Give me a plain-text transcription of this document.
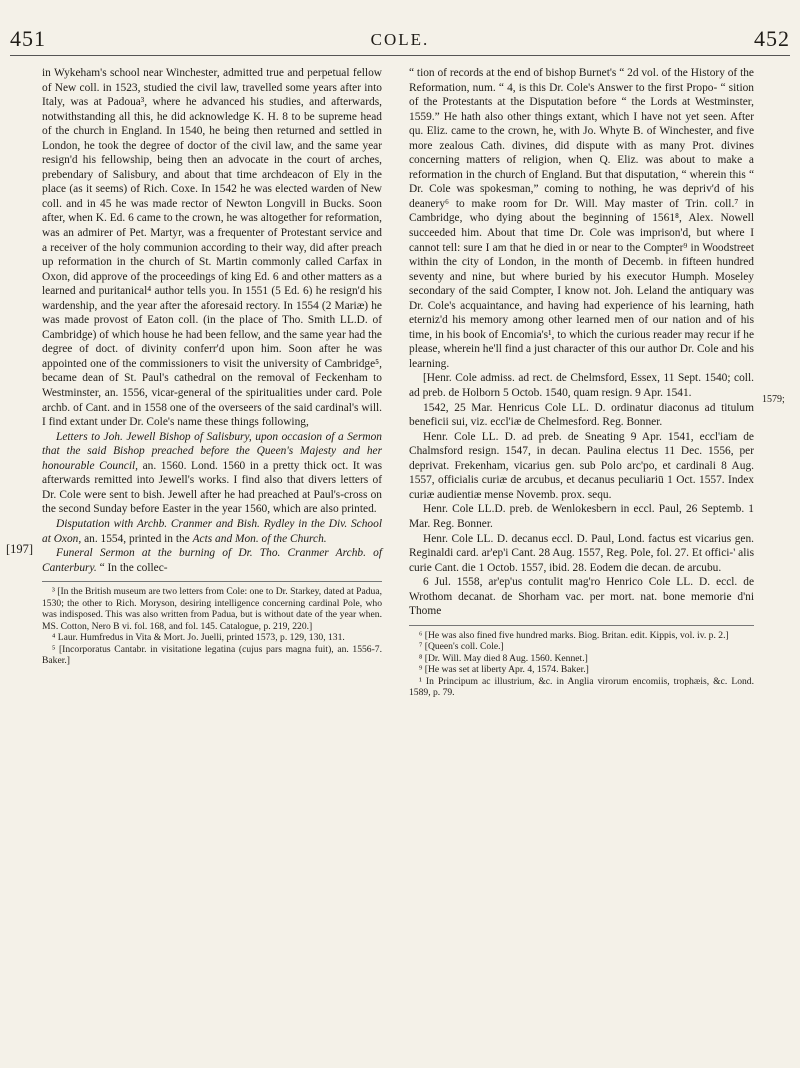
451	COLE.	452
[197]
1579;

in Wykeham's school near Winchester, admitted true and perpetual fellow of New coll. in 1523, studied the civil law, travelled some years after into Italy, was at Padoua³, where he advanced his studies, and afterwards, notwithstanding all this, he did acknowledge K. H. 8 to be supreme head of the church in England. In 1540, he being then returned and settled in London, he took the degree of doctor of the civil law, and the same year resign'd his fellowship, being then an advocate in the court of arches, prebendary of Salisbury, and about that time archdeacon of Ely in the place (as it seems) of Rich. Coxe. In 1542 he was elected warden of New coll. and in 45 he was made rector of Newton Longvill in Bucks. Soon after, when K. Ed. 6 came to the crown, he was altogether for reformation, was an admirer of Pet. Martyr, was a frequenter of Protestant service and a receiver of the holy communion according to their way, did after preach up reformation in the church of St. Martin commonly called Carfax in Oxon, did approve of the proceedings of king Ed. 6 and other matters as a learned and puritanical⁴ author tells you. In 1551 (5 Ed. 6) he resign'd his wardenship, and the year after the aforesaid rectory. In 1554 (2 Mariæ) he was made provost of Eaton coll. (in the place of Tho. Smith LL.D. of Cambridge) of which house he had been fellow, and the same year had the degree of doct. of divinity conferr'd upon him. Soon after he was appointed one of the commissioners to visit the university of Cambridge⁵, became dean of St. Paul's cathedral on the removal of Feckenham to Westminster, an. 1556, vicar-general of the spiritualities under card. Pole archb. of Cant. and in 1558 one of the overseers of the said cardinal's will. I find extant under Dr. Cole's name these things following,

Letters to Joh. Jewell Bishop of Salisbury, upon occasion of a Sermon that the said Bishop preached before the Queen's Majesty and her honourable Council, an. 1560. Lond. 1560 in a pretty thick oct. It was afterwards remitted into Jewell's works. I find also that divers letters of Dr. Cole were sent to bish. Jewell after he had preached at Paul's-cross on the second Sunday before Easter in the year 1560, which are also printed.

Disputation with Archb. Cranmer and Bish. Rydley in the Div. School at Oxon, an. 1554, printed in the Acts and Mon. of the Church.

Funeral Sermon at the burning of Dr. Tho. Cranmer Archb. of Canterbury. “ In the collec-

³ [In the British museum are two letters from Cole: one to Dr. Starkey, dated at Padua, 1530; the other to Rich. Moryson, desiring intelligence concerning cardinal Pole, who was indisposed. This was also written from Padua, but is without date of the year when. MS. Cotton, Nero B vi. fol. 168, and fol. 145. Catalogue, p. 219, 220.]

⁴ Laur. Humfredus in Vita & Mort. Jo. Juelli, printed 1573, p. 129, 130, 131.

⁵ [Incorporatus Cantabr. in visitatione legatina (cujus pars magna fuit), an. 1556-7. Baker.]

“ tion of records at the end of bishop Burnet's “ 2d vol. of the History of the Reformation, num. “ 4, is this Dr. Cole's Answer to the first Propo- “ sition of the Protestants at the Disputation before “ the Lords at Westminster, 1559.” He hath also other things extant, which I have not yet seen. After qu. Eliz. came to the crown, he, with Jo. Whyte B. of Winchester, and five more zealous Cath. divines, did dispute with as many Prot. divines concerning matters of religion, when Q. Eliz. was about to make a reformation in the church of England. But that disputation, “ wherein this “ Dr. Cole was spokesman,” coming to nothing, he was depriv'd of his deanery⁶ to make room for Dr. Will. May master of Trin. coll.⁷ in Cambridge, who dying about the beginning of 1561⁸, Alex. Nowell succeeded him. About that time Dr. Cole was imprison'd, but where I cannot tell: sure I am that he died in or near to the Compter⁹ in Woodstreet within the city of London, in the month of Decemb. in fifteen hundred seventy and nine, but where buried by his executor Humph. Moseley secondary of the said Compter, I know not. Joh. Leland the antiquary was Dr. Cole's acquaintance, and having had experience of his learning, hath eterniz'd his memory among other learned men of our nation and of his time, in his book of Encomia's¹, to which the curious reader may recur if he please, wherein he'll find a just character of this our author Dr. Cole and his learning.

[Henr. Cole admiss. ad rect. de Chelmsford, Essex, 11 Sept. 1540; coll. ad preb. de Holborn 5 Octob. 1540, quam resign. 9 Apr. 1541.

1542, 25 Mar. Henricus Cole LL. D. ordinatur diaconus ad titulum beneficii sui, viz. eccl'iæ de Chelmesford. Reg. Bonner.

Henr. Cole LL. D. ad preb. de Sneating 9 Apr. 1541, eccl'iam de Chalmsford resign. 1547, in decan. Paulina electus 11 Dec. 1556, per deprivat. Frekenham, vicarius gen. sub Polo arc'po, et cardinali 8 Aug. 1557, officialis curiæ de arcubus, et decanus peculiariū 1 Oct. 1557. Index curiæ audientiæ mense Novemb. prox. sequ.

Henr. Cole LL.D. preb. de Wenlokesbern in eccl. Paul, 26 Septemb. 1 Mar. Reg. Bonner.

Henr. Cole LL. D. decanus eccl. D. Paul, Lond. factus est vicarius gen. Reginaldi card. ar'ep'i Cant. 28 Aug. 1557, Reg. Pole, fol. 27. Et offici-' alis curie Cant. die 1 Octob. 1557, ibid. 28. Eodem die decan. de arcubu.

6 Jul. 1558, ar'ep'us contulit mag'ro Henrico Cole LL. D. eccl. de Wrothom decanat. de Shorham vac. per mort. nat. bone memorie d'ni Thome

⁶ [He was also fined five hundred marks. Biog. Britan. edit. Kippis, vol. iv. p. 2.]

⁷ [Queen's coll. Cole.]

⁸ [Dr. Will. May died 8 Aug. 1560. Kennet.]

⁹ [He was set at liberty Apr. 4, 1574. Baker.]

¹ In Principum ac illustrium, &c. in Anglia virorum encomiis, trophæis, &c. Lond. 1589, p. 79.
